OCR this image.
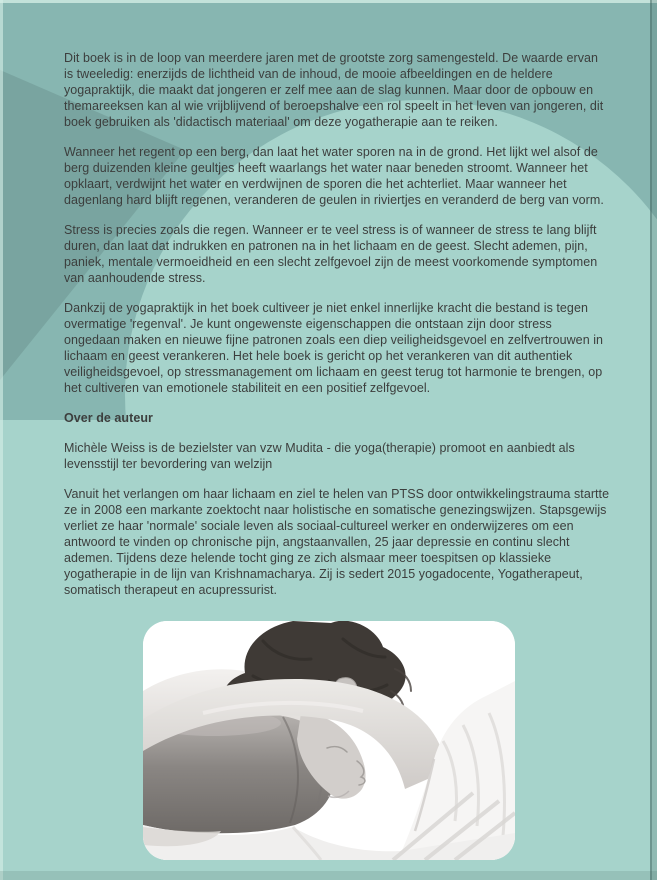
Dit boek is in de loop van meerdere jaren met de grootste zorg samengesteld. De waarde ervan is tweeledig: enerzijds de lichtheid van de inhoud, de mooie afbeeldingen en de heldere yogapraktijk, die maakt dat jongeren er zelf mee aan de slag kunnen. Maar door de opbouw en themareeksen kan al wie vrijblijvend of beroepshalve een rol speelt in het leven van jongeren, dit boek gebruiken als 'didactisch materiaal' om deze yogatherapie aan te reiken.

Wanneer het regent op een berg, dan laat het water sporen na in de grond. Het lijkt wel alsof de berg duizenden kleine geultjes heeft waarlangs het water naar beneden stroomt. Wanneer het opklaart, verdwijnt het water en verdwijnen de sporen die het achterliet. Maar wanneer het dagenlang hard blijft regenen, veranderen de geulen in riviertjes en veranderd de berg van vorm.

Stress is precies zoals die regen. Wanneer er te veel stress is of wanneer de stress te lang blijft duren, dan laat dat indrukken en patronen na in het lichaam en de geest. Slecht ademen, pijn, paniek, mentale vermoeidheid en een slecht zelfgevoel zijn de meest voorkomende symptomen van aanhoudende stress.

Dankzij de yogapraktijk in het boek cultiveer je niet enkel innerlijke kracht die bestand is tegen overmatige 'regenval'. Je kunt ongewenste eigenschappen die ontstaan zijn door stress ongedaan maken en nieuwe fijne patronen zoals een diep veiligheidsgevoel en zelfvertrouwen in lichaam en geest verankeren. Het hele boek is gericht op het verankeren van dit authentiek veiligheidsgevoel, op stressmanagement om lichaam en geest terug tot harmonie te brengen, op het cultiveren van emotionele stabiliteit en een positief zelfgevoel.

Over de auteur

Michèle Weiss is de bezielster van vzw Mudita - die yoga(therapie) promoot en aanbiedt als levensstijl ter bevordering van welzijn

Vanuit het verlangen om haar lichaam en ziel te helen van PTSS door ontwikkelingstrauma startte ze in 2008 een markante zoektocht naar holistische en somatische genezingswijzen. Stapsgewijs verliet ze haar 'normale' sociale leven als sociaal-cultureel werker en onderwijzeres om een antwoord te vinden op chronische pijn, angstaanvallen, 25 jaar depressie en continu slecht ademen. Tijdens deze helende tocht ging ze zich alsmaar meer toespitsen op klassieke yogatherapie in de lijn van Krishnamacharya. Zij is sedert 2015 yogadocente, Yogatherapeut, somatisch therapeut en acupressurist.
